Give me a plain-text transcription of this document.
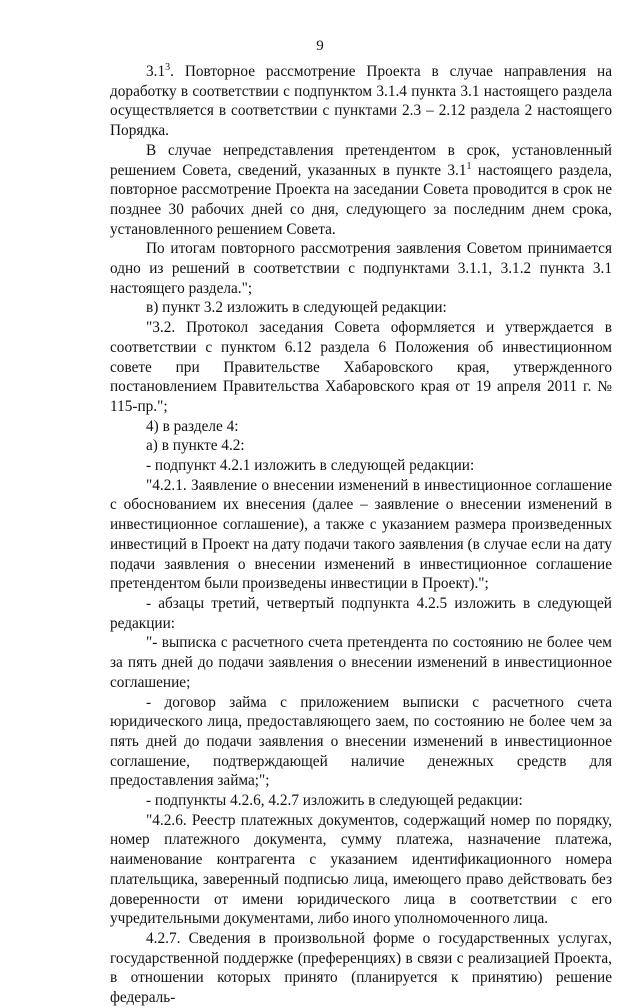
9

$3.1^3$. Повторное рассмотрение Проекта в случае направления на доработку в соответствии с подпунктом 3.1.4 пункта 3.1 настоящего раздела осуществляется в соответствии с пунктами 2.3 – 2.12 раздела 2 настоящего Порядка.

В случае непредставления претендентом в срок, установленный решением Совета, сведений, указанных в пункте $3.1^1$ настоящего раздела, повторное рассмотрение Проекта на заседании Совета проводится в срок не позднее 30 рабочих дней со дня, следующего за последним днем срока, установленного решением Совета.

По итогам повторного рассмотрения заявления Советом принимается одно из решений в соответствии с подпунктами 3.1.1, 3.1.2 пункта 3.1 настоящего раздела.";

в) пункт 3.2 изложить в следующей редакции:

"3.2. Протокол заседания Совета оформляется и утверждается в соответствии с пунктом 6.12 раздела 6 Положения об инвестиционном совете при Правительстве Хабаровского края, утвержденного постановлением Правительства Хабаровского края от 19 апреля 2011 г. № 115-пр.";

4) в разделе 4:

а) в пункте 4.2:

- подпункт 4.2.1 изложить в следующей редакции:

"4.2.1. Заявление о внесении изменений в инвестиционное соглашение с обоснованием их внесения (далее – заявление о внесении изменений в инвестиционное соглашение), а также с указанием размера произведенных инвестиций в Проект на дату подачи такого заявления (в случае если на дату подачи заявления о внесении изменений в инвестиционное соглашение претендентом были произведены инвестиции в Проект).";

- абзацы третий, четвертый подпункта 4.2.5 изложить в следующей редакции:

"- выписка с расчетного счета претендента по состоянию не более чем за пять дней до подачи заявления о внесении изменений в инвестиционное соглашение;

- договор займа с приложением выписки с расчетного счета юридического лица, предоставляющего заем, по состоянию не более чем за пять дней до подачи заявления о внесении изменений в инвестиционное соглашение, подтверждающей наличие денежных средств для предоставления займа;";

- подпункты 4.2.6, 4.2.7 изложить в следующей редакции:

"4.2.6. Реестр платежных документов, содержащий номер по порядку, номер платежного документа, сумму платежа, назначение платежа, наименование контрагента с указанием идентификационного номера плательщика, заверенный подписью лица, имеющего право действовать без доверенности от имени юридического лица в соответствии с его учредительными документами, либо иного уполномоченного лица.

4.2.7. Сведения в произвольной форме о государственных услугах, государственной поддержке (преференциях) в связи с реализацией Проекта, в отношении которых принято (планируется к принятию) решение федераль-
